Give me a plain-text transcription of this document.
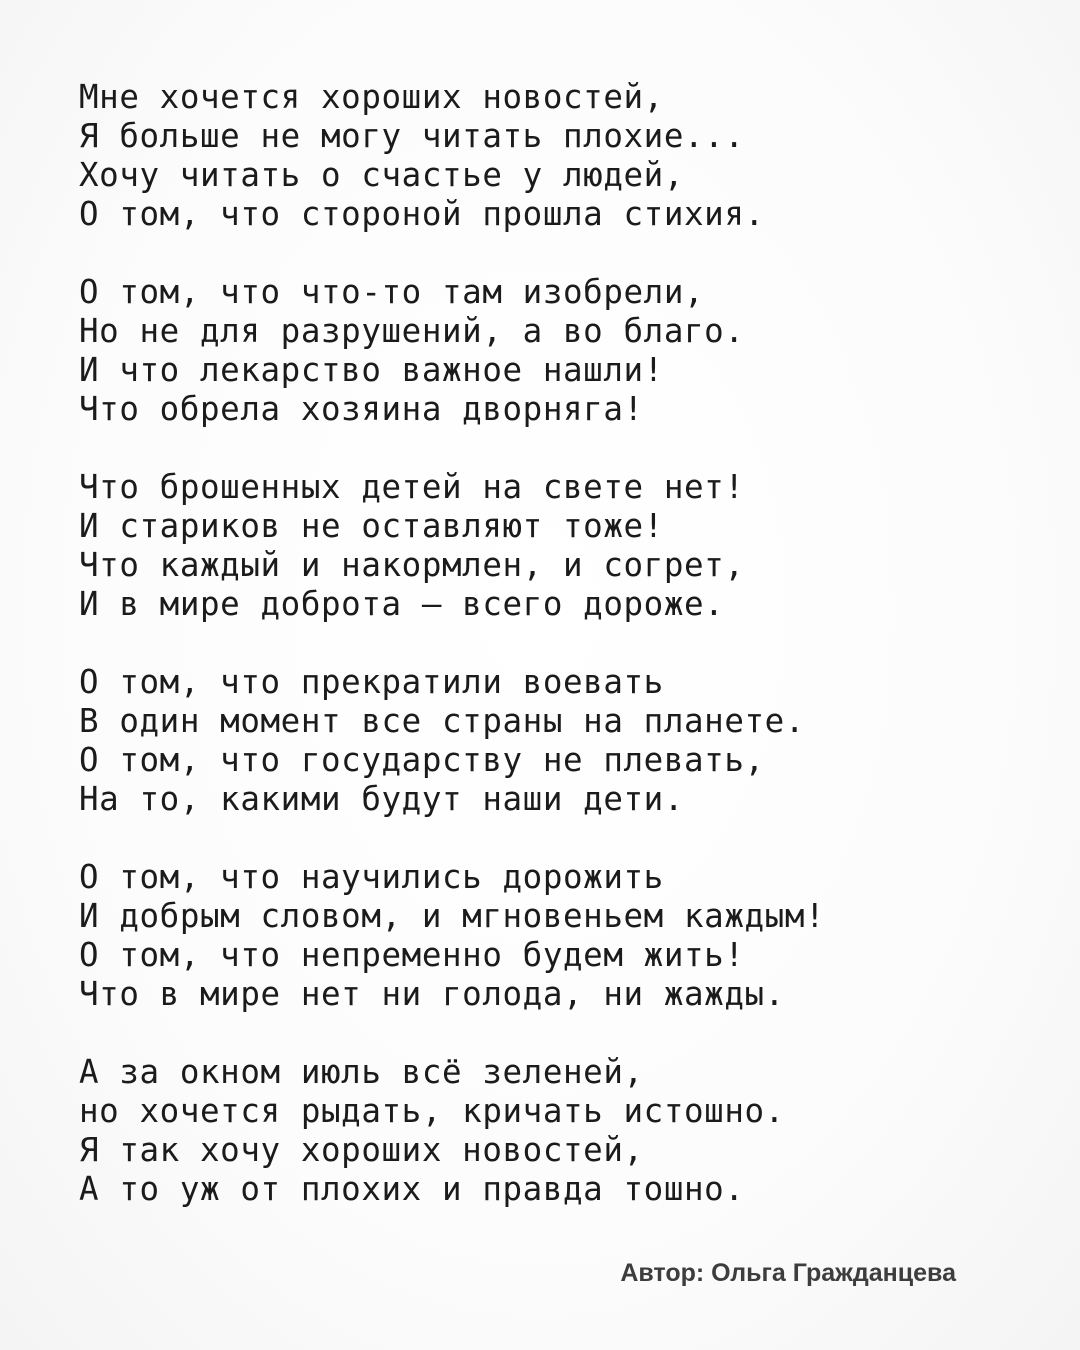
Мне хочется хороших новостей,
Я больше не могу читать плохие...
Хочу читать о счастье у людей,
О том, что стороной прошла стихия.
О том, что что-то там изобрели,
Но не для разрушений, а во благо.
И что лекарство важное нашли!
Что обрела хозяина дворняга!
Что брошенных детей на свете нет!
И стариков не оставляют тоже!
Что каждый и накормлен, и согрет,
И в мире доброта – всего дороже.
О том, что прекратили воевать
В один момент все страны на планете.
О том, что государству не плевать,
На то, какими будут наши дети.
О том, что научились дорожить
И добрым словом, и мгновеньем каждым!
О том, что непременно будем жить!
Что в мире нет ни голода, ни жажды.
А за окном июль всё зеленей,
но хочется рыдать, кричать истошно.
Я так хочу хороших новостей,
А то уж от плохих и правда тошно.
Автор: Ольга Гражданцева
